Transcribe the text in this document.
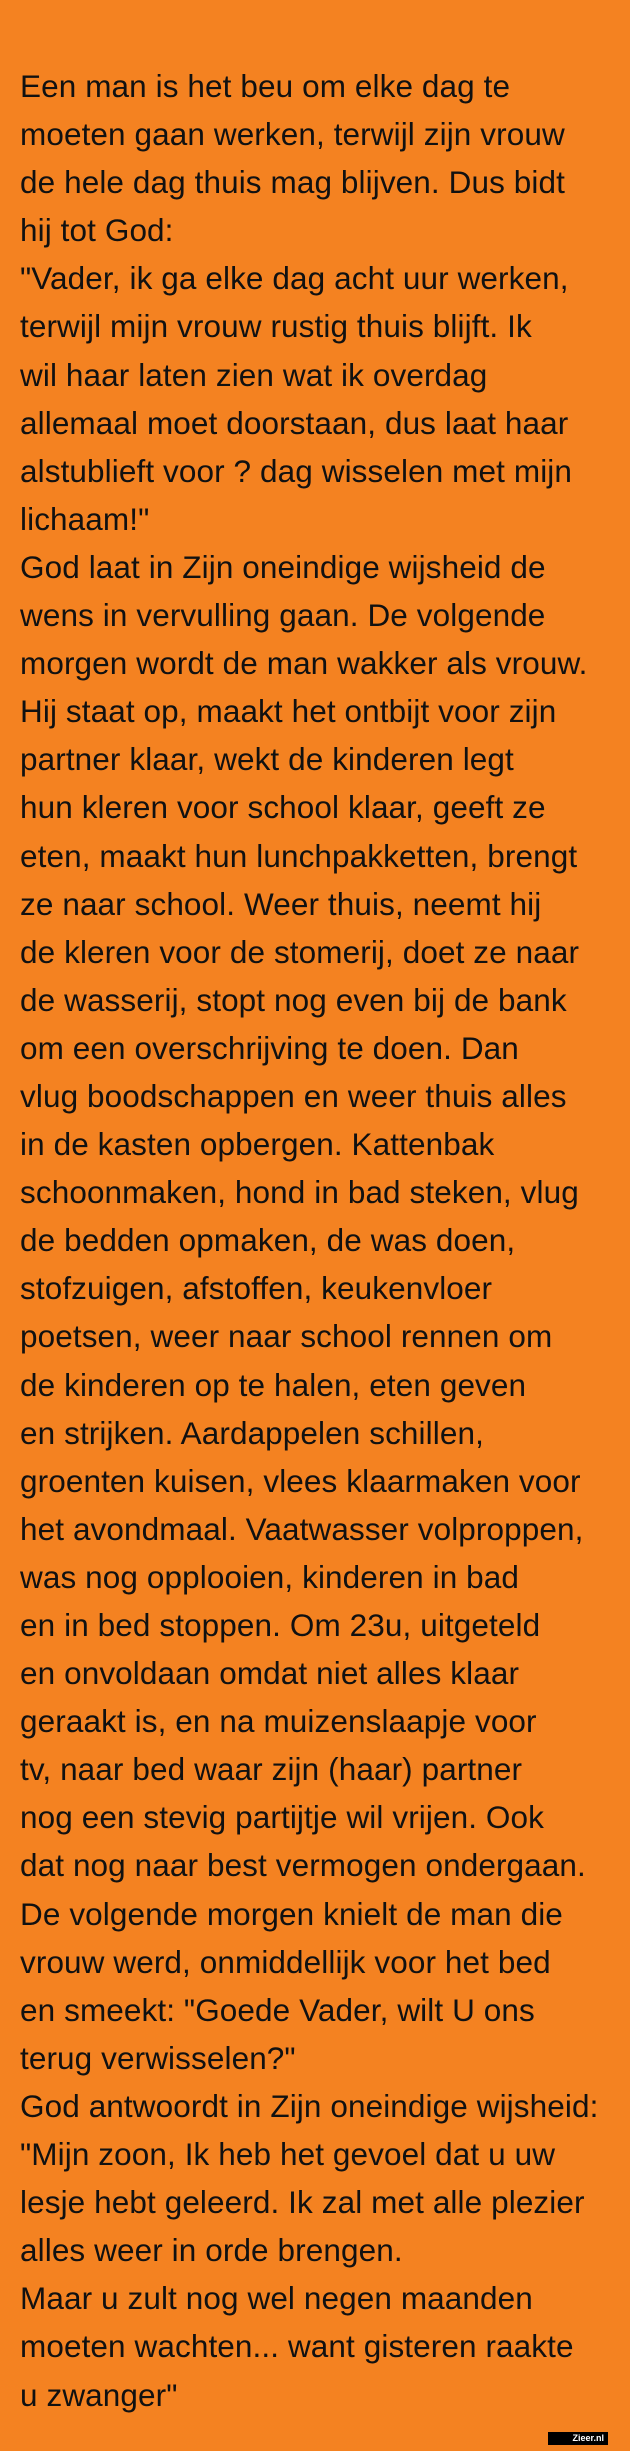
Een man is het beu om elke dag te
moeten gaan werken, terwijl zijn vrouw
de hele dag thuis mag blijven. Dus bidt
hij tot God:
"Vader, ik ga elke dag acht uur werken,
terwijl mijn vrouw rustig thuis blijft. Ik
wil haar laten zien wat ik overdag
allemaal moet doorstaan, dus laat haar
alstublieft voor ? dag wisselen met mijn
lichaam!"
God laat in Zijn oneindige wijsheid de
wens in vervulling gaan. De volgende
morgen wordt de man wakker als vrouw.
Hij staat op, maakt het ontbijt voor zijn
partner klaar, wekt de kinderen legt
hun kleren voor school klaar, geeft ze
eten, maakt hun lunchpakketten, brengt
ze naar school. Weer thuis, neemt hij
de kleren voor de stomerij, doet ze naar
de wasserij, stopt nog even bij de bank
om een overschrijving te doen. Dan
vlug boodschappen en weer thuis alles
in de kasten opbergen. Kattenbak
schoonmaken, hond in bad steken, vlug
de bedden opmaken, de was doen,
stofzuigen, afstoffen, keukenvloer
poetsen, weer naar school rennen om
de kinderen op te halen, eten geven
en strijken. Aardappelen schillen,
groenten kuisen, vlees klaarmaken voor
het avondmaal. Vaatwasser volproppen,
was nog opplooien, kinderen in bad
en in bed stoppen. Om 23u, uitgeteld
en onvoldaan omdat niet alles klaar
geraakt is, en na muizenslaapje voor
tv, naar bed waar zijn (haar) partner
nog een stevig partijtje wil vrijen. Ook
dat nog naar best vermogen ondergaan.
De volgende morgen knielt de man die
vrouw werd, onmiddellijk voor het bed
en smeekt: "Goede Vader, wilt U ons
terug verwisselen?"
God antwoordt in Zijn oneindige wijsheid:
"Mijn zoon, Ik heb het gevoel dat u uw
lesje hebt geleerd. Ik zal met alle plezier
alles weer in orde brengen.
Maar u zult nog wel negen maanden
moeten wachten... want gisteren raakte
u zwanger"
Zieer.nl
